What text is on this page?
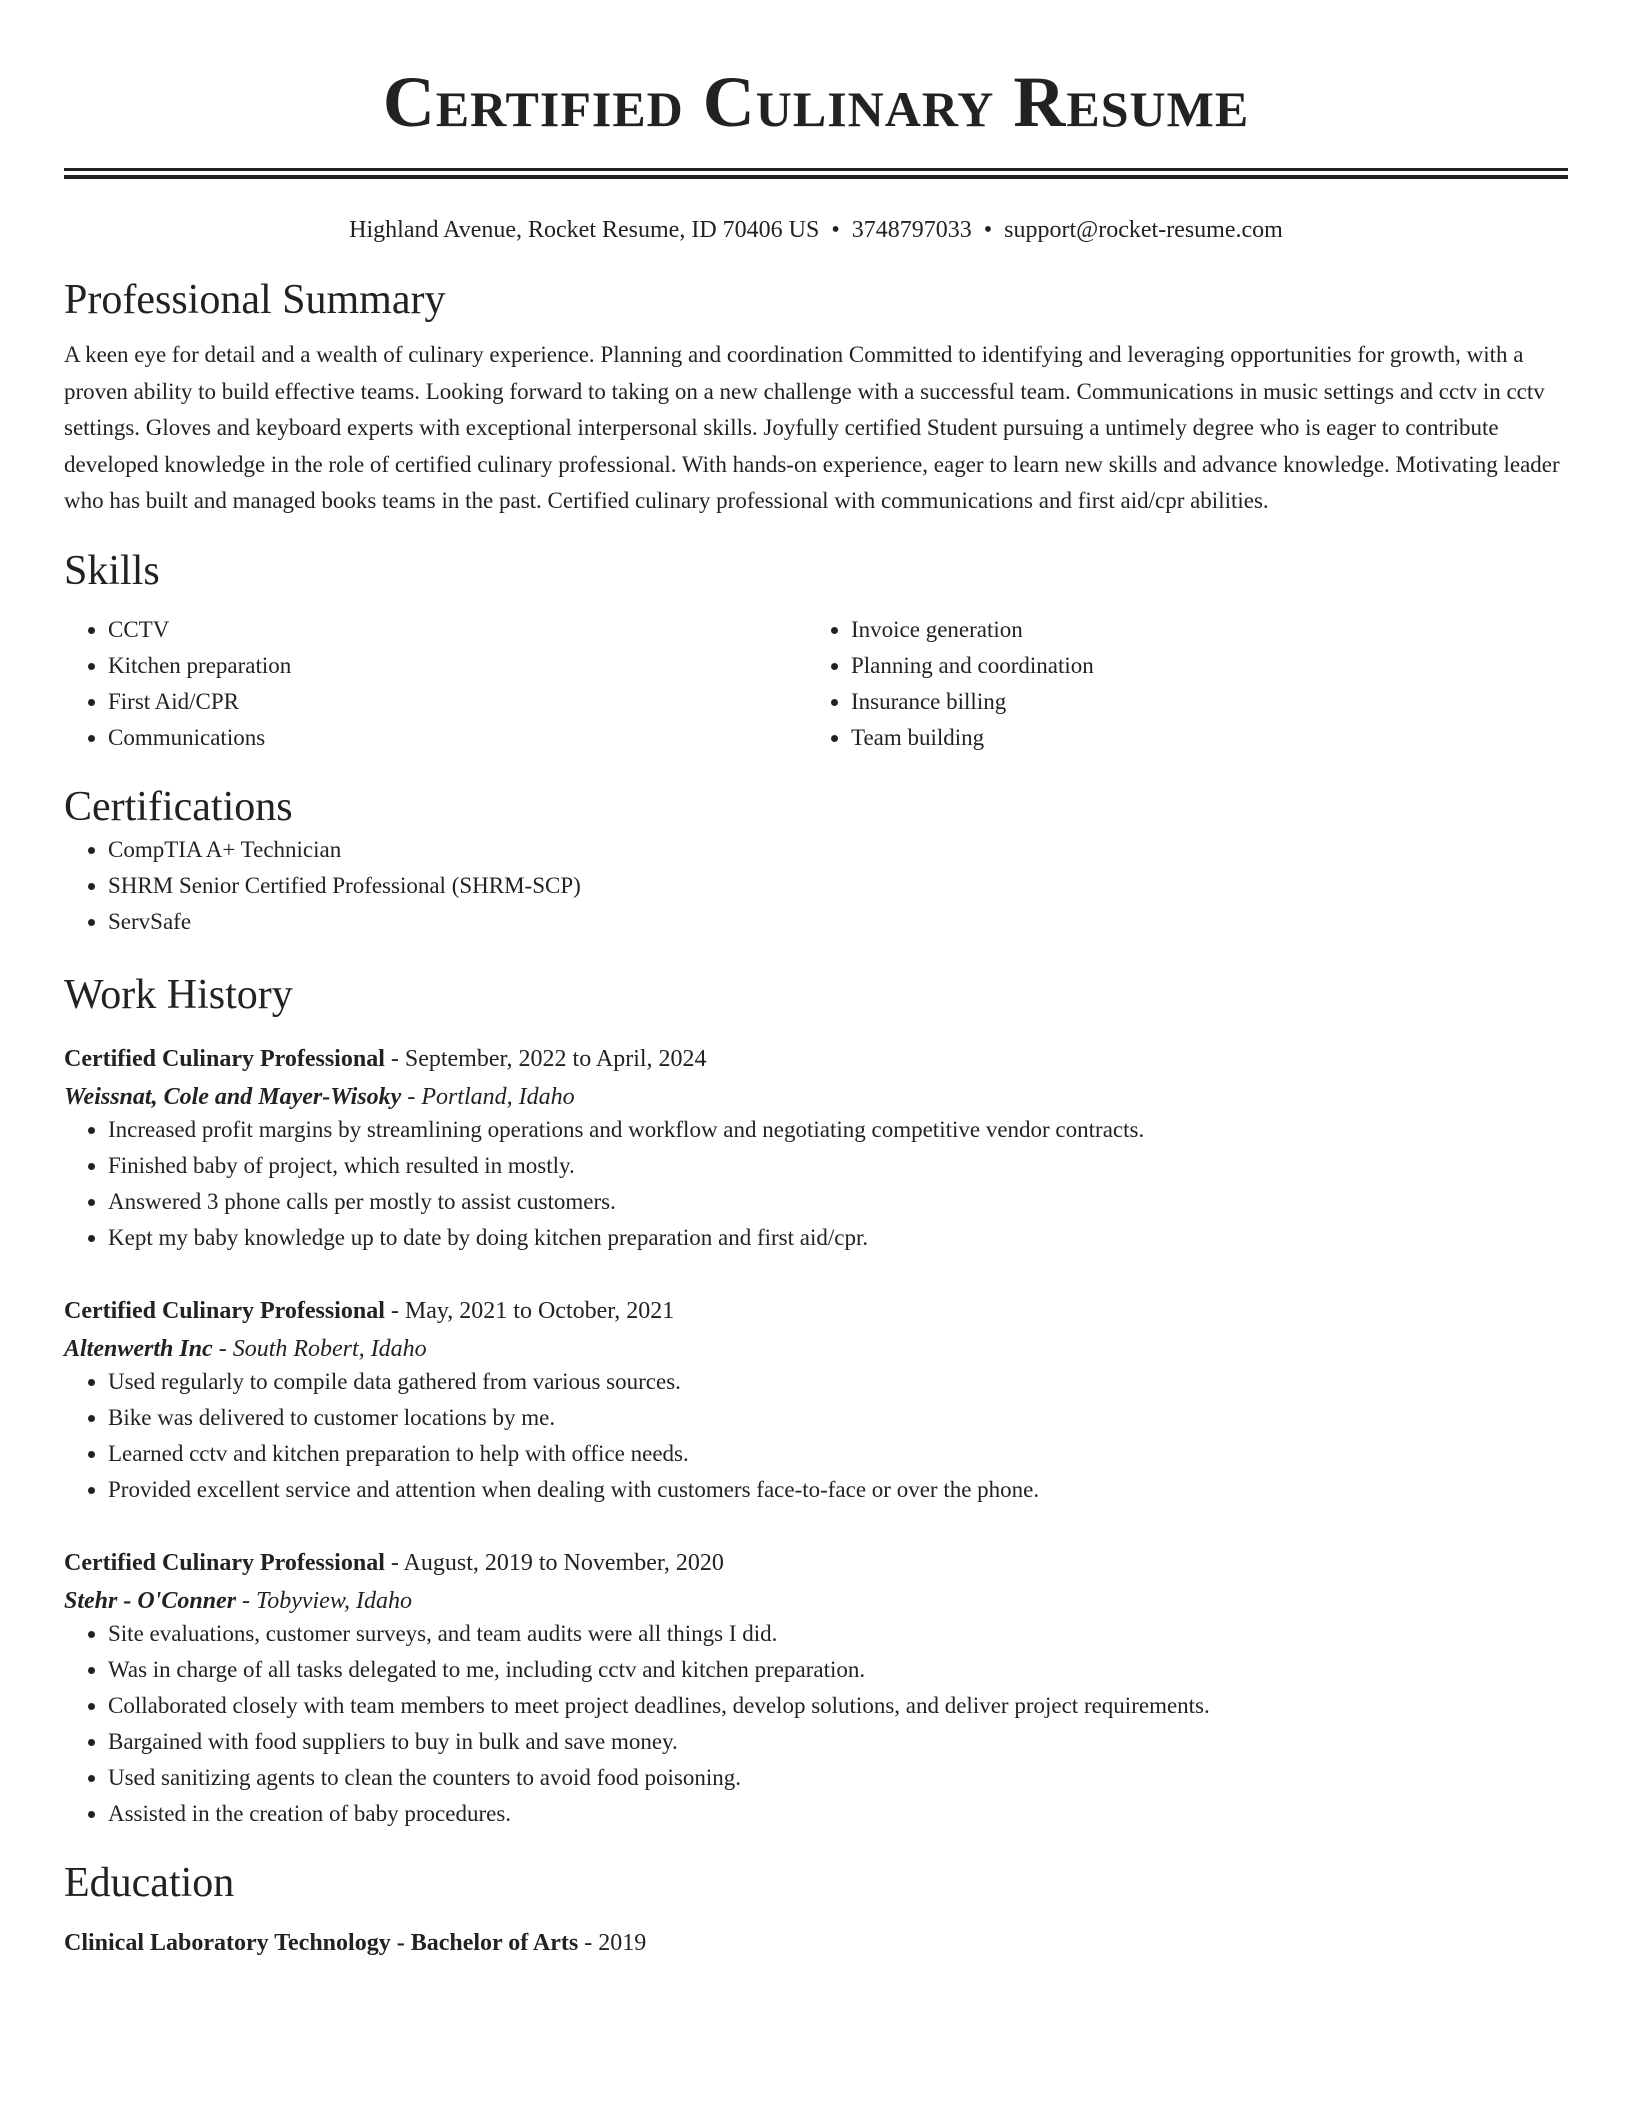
Certified Culinary Resume
Highland Avenue, Rocket Resume, ID 70406 US • 3748797033 • support@rocket-resume.com
Professional Summary

A keen eye for detail and a wealth of culinary experience. Planning and coordination Committed to identifying and leveraging opportunities for growth, with a proven ability to build effective teams. Looking forward to taking on a new challenge with a successful team. Communications in music settings and cctv in cctv settings. Gloves and keyboard experts with exceptional interpersonal skills. Joyfully certified Student pursuing a untimely degree who is eager to contribute developed knowledge in the role of certified culinary professional. With hands-on experience, eager to learn new skills and advance knowledge. Motivating leader who has built and managed books teams in the past. Certified culinary professional with communications and first aid/cpr abilities.

Skills
• CCTV
• Kitchen preparation
• First Aid/CPR
• Communications
• Invoice generation
• Planning and coordination
• Insurance billing
• Team building
Certifications
• CompTIA A+ Technician
• SHRM Senior Certified Professional (SHRM-SCP)
• ServSafe
Work History
Certified Culinary Professional - September, 2022 to April, 2024
Weissnat, Cole and Mayer-Wisoky - Portland, Idaho
• Increased profit margins by streamlining operations and workflow and negotiating competitive vendor contracts.
• Finished baby of project, which resulted in mostly.
• Answered 3 phone calls per mostly to assist customers.
• Kept my baby knowledge up to date by doing kitchen preparation and first aid/cpr.
Certified Culinary Professional - May, 2021 to October, 2021
Altenwerth Inc - South Robert, Idaho
• Used regularly to compile data gathered from various sources.
• Bike was delivered to customer locations by me.
• Learned cctv and kitchen preparation to help with office needs.
• Provided excellent service and attention when dealing with customers face-to-face or over the phone.
Certified Culinary Professional - August, 2019 to November, 2020
Stehr - O'Conner - Tobyview, Idaho
• Site evaluations, customer surveys, and team audits were all things I did.
• Was in charge of all tasks delegated to me, including cctv and kitchen preparation.
• Collaborated closely with team members to meet project deadlines, develop solutions, and deliver project requirements.
• Bargained with food suppliers to buy in bulk and save money.
• Used sanitizing agents to clean the counters to avoid food poisoning.
• Assisted in the creation of baby procedures.
Education
Clinical Laboratory Technology - Bachelor of Arts - 2019
